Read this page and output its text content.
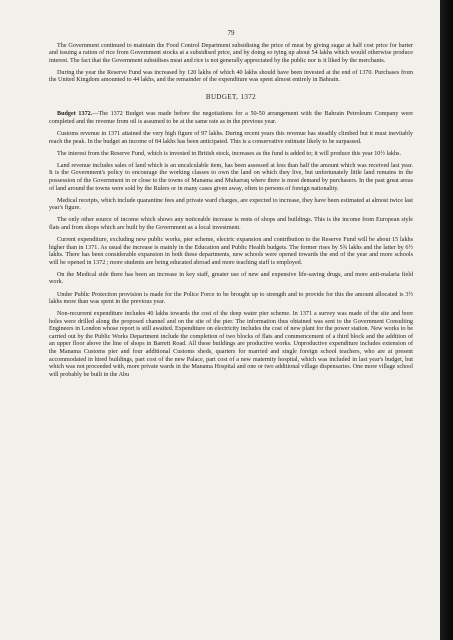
79

The Government continued to maintain the Food Control Department subsidising the price of meat by giving sugar at half cost price for barter and issuing a ration of rice from Government stocks at a subsidised price, and by doing so tying up about 54 lakhs which would otherwise produce interest. The fact that the Government subsidises meat and rice is not generally appreciated by the public nor is it liked by the merchants.

During the year the Reserve Fund was increased by 120 lakhs of which 40 lakhs should have been invested at the end of 1370. Purchases from the United Kingdom amounted to 44 lakhs, and the remainder of the expenditure was spent almost entirely in Bahrain.

BUDGET, 1372

Budget 1372.—The 1372 Budget was made before the negotiations for a 50-50 arrangement with the Bahrain Petroleum Company were completed and the revenue from oil is assumed to be at the same rate as in the previous year.

Customs revenue in 1371 attained the very high figure of 97 lakhs. During recent years this revenue has steadily climbed but it must inevitably reach the peak. In the budget an income of 84 lakhs has been anticipated. This is a conservative estimate likely to be surpassed.

The interest from the Reserve Fund, which is invested in British stock, increases as the fund is added to; it will produce this year 10½ lakhs.

Land revenue includes sales of land which is an uncalculable item, has been assessed at less than half the amount which was received last year. It is the Government's policy to encourage the working classes to own the land on which they live, but unfortunately little land remains in the possession of the Government in or close to the towns of Manama and Muharraq where there is most demand by purchasers. In the past great areas of land around the towns were sold by the Rulers or in many cases given away, often to persons of foreign nationality.

Medical receipts, which include quarantine fees and private ward charges, are expected to increase, they have been estimated at almost twice last year's figure.

The only other source of income which shows any noticeable increase is rents of shops and buildings. This is the income from European style flats and from shops which are built by the Government as a local investment.

Current expenditure, excluding new public works, pier scheme, electric expansion and contribution to the Reserve Fund will be about 15 lakhs higher than in 1371. As usual the increase is mainly in the Education and Public Health budgets. The former rises by 5¾ lakhs and the latter by 6½ lakhs. There has been considerable expansion in both these departments, new schools were opened towards the end of the year and more schools will be opened in 1372 ; more students are being educated abroad and more teaching staff is employed.

On the Medical side there has been an increase in key staff, greater use of new and expensive life-saving drugs, and more anti-malaria field work.

Under Public Protection provision is made for the Police Force to be brought up to strength and to provide for this the amount allocated is 3½ lakhs more than was spent in the previous year.

Non-recurrent expenditure includes 40 lakhs towards the cost of the deep water pier scheme. In 1371 a survey was made of the site and bore holes were drilled along the proposed channel and on the site of the pier. The information thus obtained was sent to the Government Consulting Engineers in London whose report is still awaited. Expenditure on electricity includes the cost of new plant for the power station. New works to be carried out by the Public Works Department include the completion of two blocks of flats and commencement of a third block and the addition of an upper floor above the line of shops in Barrett Road. All these buildings are productive works. Unproductive expenditure includes extension of the Manama Customs pier and four additional Customs sheds, quarters for married and single foreign school teachers, who are at present accommodated in hired buildings, part cost of the new Palace, part cost of a new maternity hospital, which was included in last year's budget, but which was not proceeded with, more private wards in the Manama Hospital and one or two additional village dispensaries. One more village school will probably be built in the Abu
